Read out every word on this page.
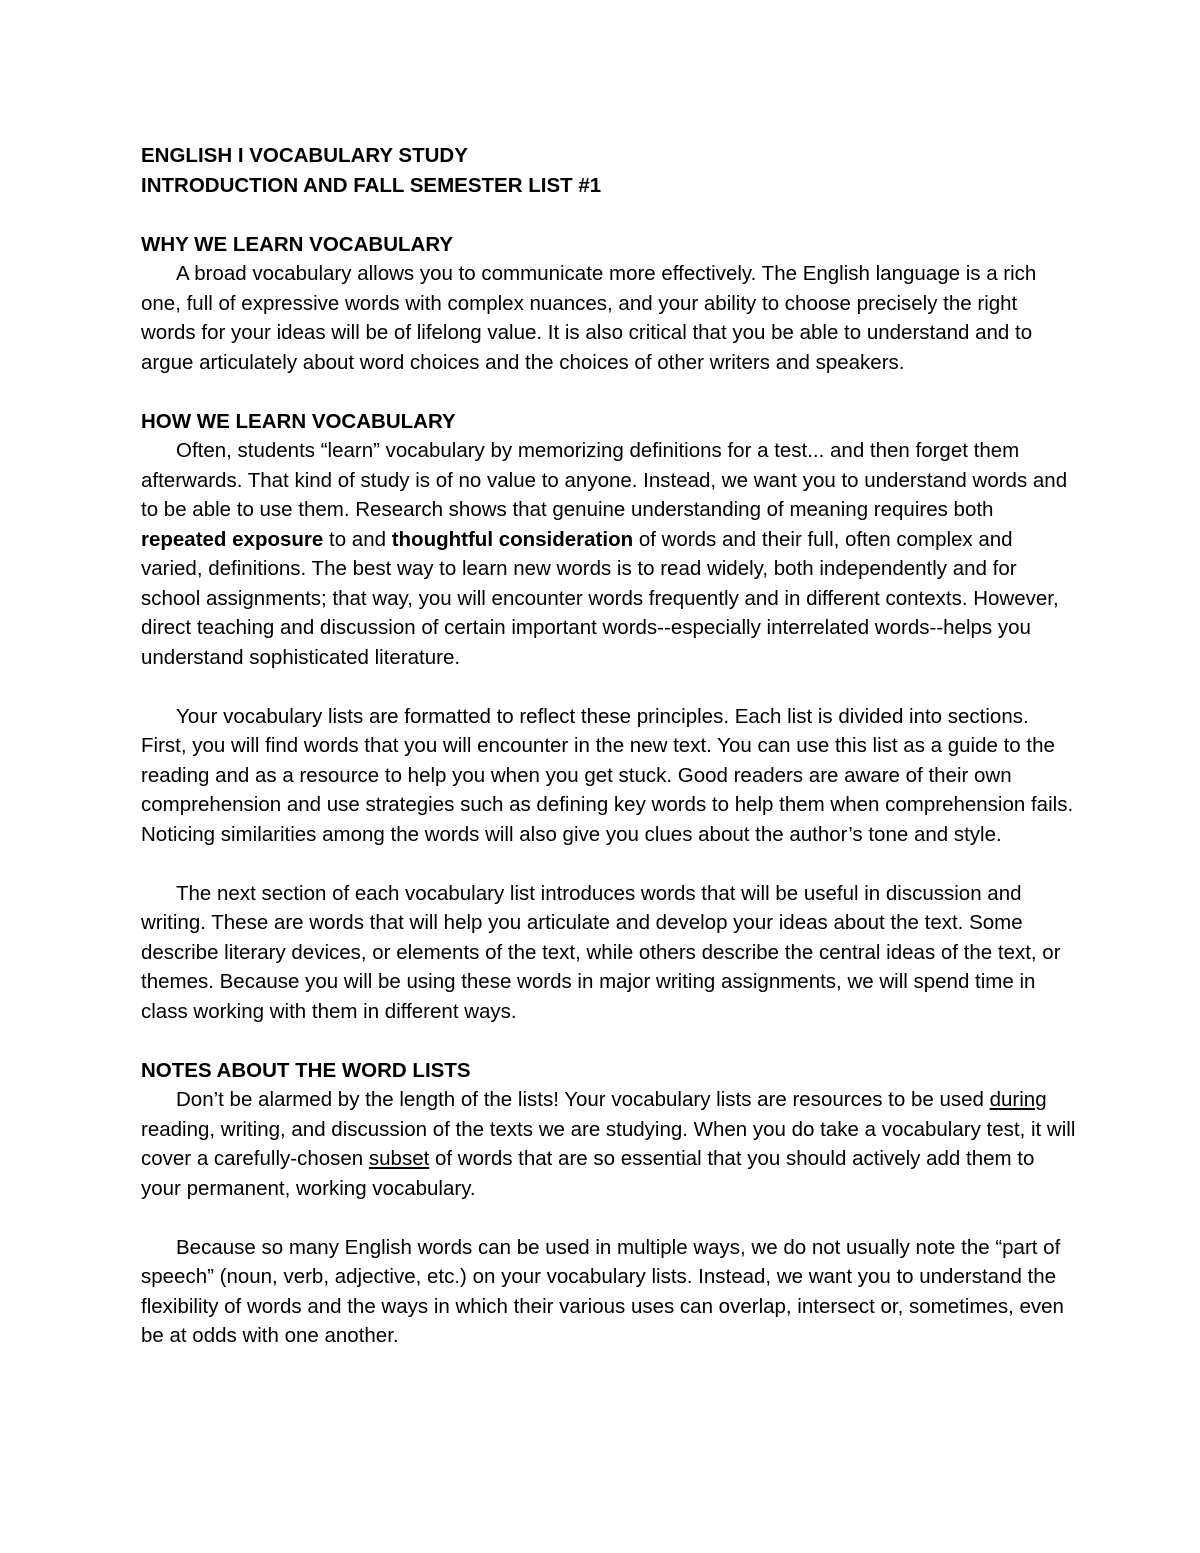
ENGLISH I VOCABULARY STUDY

INTRODUCTION AND FALL SEMESTER LIST #1

WHY WE LEARN VOCABULARY

A broad vocabulary allows you to communicate more effectively. The English language is a rich one, full of expressive words with complex nuances, and your ability to choose precisely the right words for your ideas will be of lifelong value. It is also critical that you be able to understand and to argue articulately about word choices and the choices of other writers and speakers.

HOW WE LEARN VOCABULARY

Often, students “learn” vocabulary by memorizing definitions for a test... and then forget them afterwards. That kind of study is of no value to anyone. Instead, we want you to understand words and to be able to use them. Research shows that genuine understanding of meaning requires both repeated exposure to and thoughtful consideration of words and their full, often complex and varied, definitions. The best way to learn new words is to read widely, both independently and for school assignments; that way, you will encounter words frequently and in different contexts. However, direct teaching and discussion of certain important words--especially interrelated words--helps you understand sophisticated literature.

Your vocabulary lists are formatted to reflect these principles. Each list is divided into sections. First, you will find words that you will encounter in the new text. You can use this list as a guide to the reading and as a resource to help you when you get stuck. Good readers are aware of their own comprehension and use strategies such as defining key words to help them when comprehension fails. Noticing similarities among the words will also give you clues about the author’s tone and style.

The next section of each vocabulary list introduces words that will be useful in discussion and writing. These are words that will help you articulate and develop your ideas about the text. Some describe literary devices, or elements of the text, while others describe the central ideas of the text, or themes. Because you will be using these words in major writing assignments, we will spend time in class working with them in different ways.

NOTES ABOUT THE WORD LISTS

Don’t be alarmed by the length of the lists! Your vocabulary lists are resources to be used during reading, writing, and discussion of the texts we are studying. When you do take a vocabulary test, it will cover a carefully-chosen subset of words that are so essential that you should actively add them to your permanent, working vocabulary.

Because so many English words can be used in multiple ways, we do not usually note the “part of speech” (noun, verb, adjective, etc.) on your vocabulary lists. Instead, we want you to understand the flexibility of words and the ways in which their various uses can overlap, intersect or, sometimes, even be at odds with one another.
